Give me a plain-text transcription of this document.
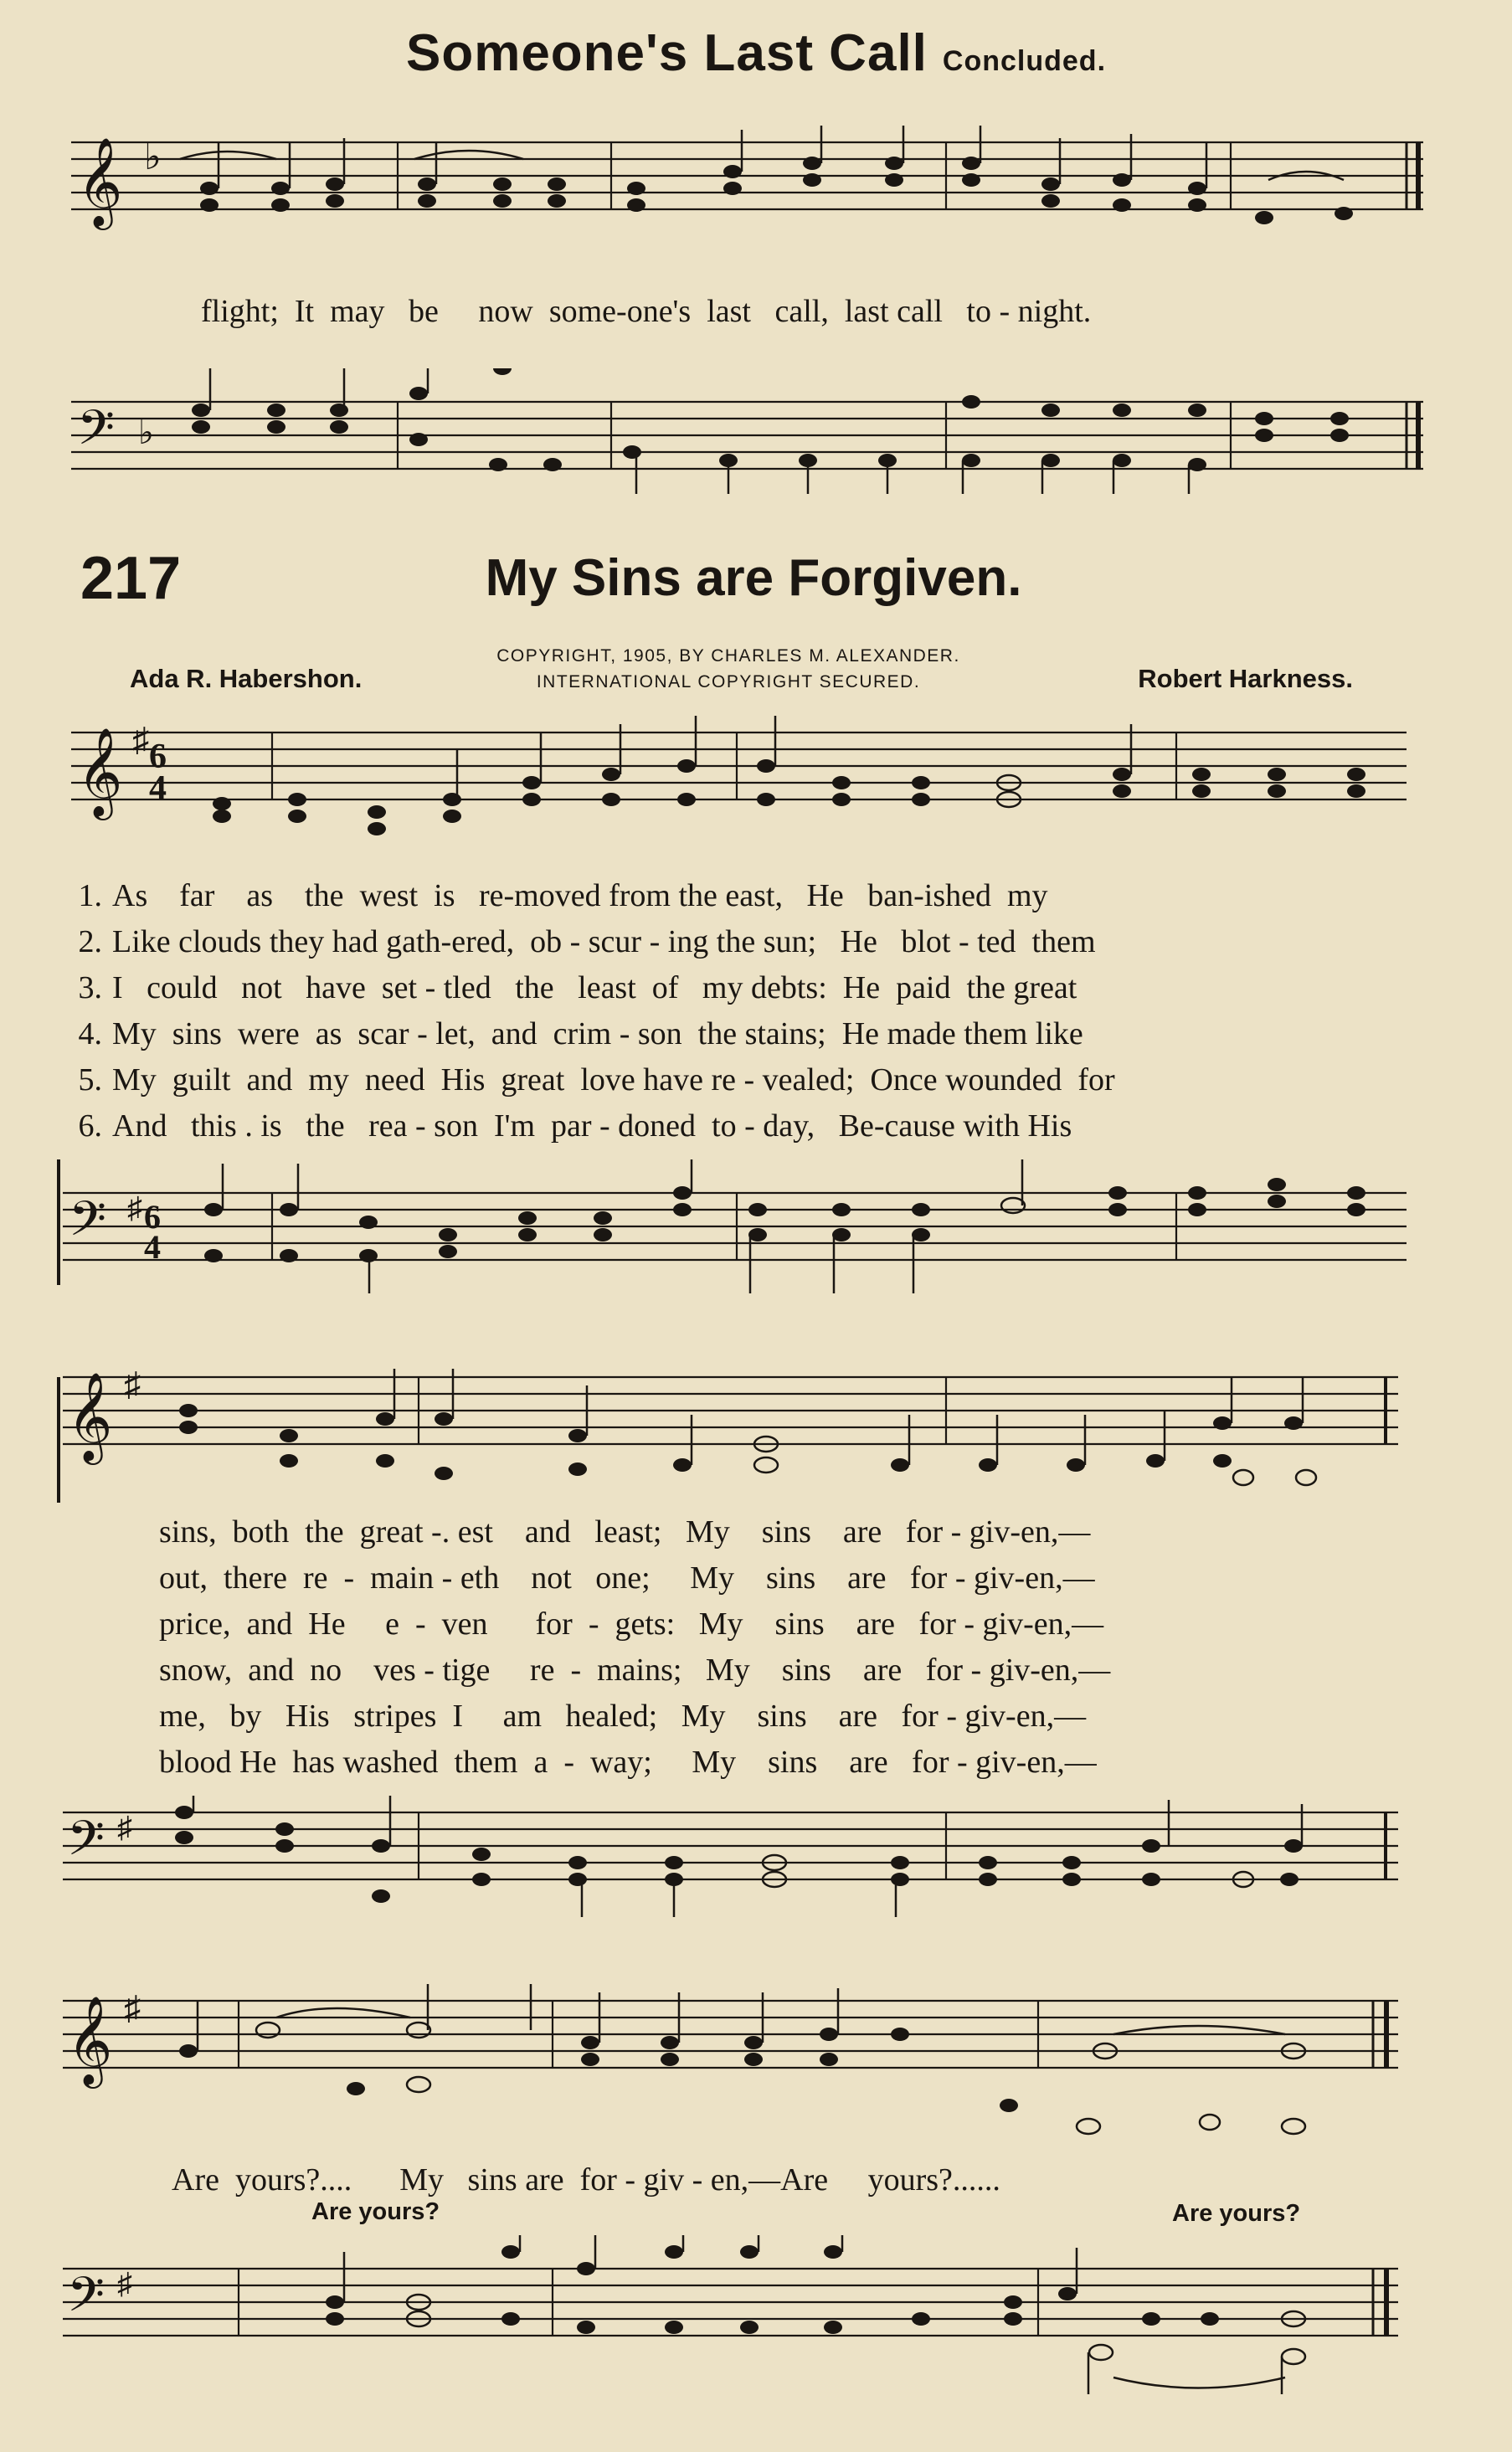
Someone's Last Call Concluded.
𝄞 ♭
flight;  It  may   be     now  some-one's  last   call,  last call   to - night.
𝄢 ♭
217	My Sins are Forgiven.
COPYRIGHT, 1905, BY CHARLES M. ALEXANDER.
INTERNATIONAL COPYRIGHT SECURED.
Ada R. Habershon.	Robert Harkness.
𝄞 ♯ 6
4
1. As    far    as    the  west  is   re-moved from the east,   He   ban-ished  my
2. Like clouds they had gath-ered,  ob - scur - ing the sun;   He   blot - ted  them
3. I   could   not   have  set - tled   the   least  of   my debts:  He  paid  the great
4. My  sins  were  as  scar - let,  and  crim - son  the stains;  He made them like
5. My  guilt  and  my  need  His  great  love have re - vealed;  Once wounded  for
6. And   this . is   the   rea - son  I'm  par - doned  to - day,   Be-cause with His
𝄢 ♯ 6
4
𝄞 ♯
sins,  both  the  great -. est    and   least;   My    sins    are   for - giv-en,—
out,  there  re  -  main - eth    not   one;     My    sins    are   for - giv-en,—
price,  and  He     e  -  ven      for  -  gets:   My    sins    are   for - giv-en,—
snow,  and  no    ves - tige     re  -  mains;   My    sins    are   for - giv-en,—
me,   by   His   stripes  I     am   healed;   My    sins    are   for - giv-en,—
blood He  has washed  them  a  -  way;     My    sins    are   for - giv-en,—
𝄢 ♯
𝄞 ♯
Are  yours?....      My   sins are  for - giv - en,—Are     yours?......
Are yours?	Are yours?
𝄢 ♯
